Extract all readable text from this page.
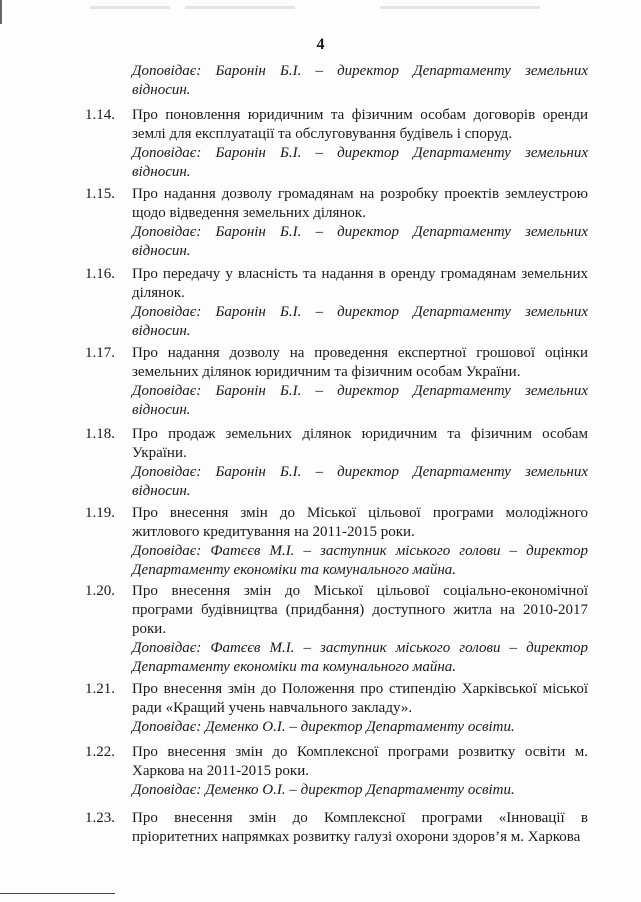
4
Доповідає: Баронін Б.І. – директор Департаменту земельних відносин.
1.14. Про поновлення юридичним та фізичним особам договорів оренди землі для експлуатації та обслуговування будівель і споруд.
Доповідає: Баронін Б.І. – директор Департаменту земельних відносин.
1.15. Про надання дозволу громадянам на розробку проектів землеустрою щодо відведення земельних ділянок.
Доповідає: Баронін Б.І. – директор Департаменту земельних відносин.
1.16. Про передачу у власність та надання в оренду громадянам земельних ділянок.
Доповідає: Баронін Б.І. – директор Департаменту земельних відносин.
1.17. Про надання дозволу на проведення експертної грошової оцінки земельних ділянок юридичним та фізичним особам України.
Доповідає: Баронін Б.І. – директор Департаменту земельних відносин.
1.18. Про продаж земельних ділянок юридичним та фізичним особам України.
Доповідає: Баронін Б.І. – директор Департаменту земельних відносин.
1.19. Про внесення змін до Міської цільової програми молодіжного житлового кредитування на 2011-2015 роки.
Доповідає: Фатєєв М.І. – заступник міського голови – директор Департаменту економіки та комунального майна.
1.20. Про внесення змін до Міської цільової соціально-економічної програми будівництва (придбання) доступного житла на 2010-2017 роки.
Доповідає: Фатєєв М.І. – заступник міського голови – директор Департаменту економіки та комунального майна.
1.21. Про внесення змін до Положення про стипендію Харківської міської ради «Кращий учень навчального закладу».
Доповідає: Деменко О.І. – директор Департаменту освіти.
1.22. Про внесення змін до Комплексної програми розвитку освіти м. Харкова на 2011-2015 роки.
Доповідає: Деменко О.І. – директор Департаменту освіти.
1.23. Про внесення змін до Комплексної програми «Інновації в пріоритетних напрямках розвитку галузі охорони здоров’я м. Харкова
